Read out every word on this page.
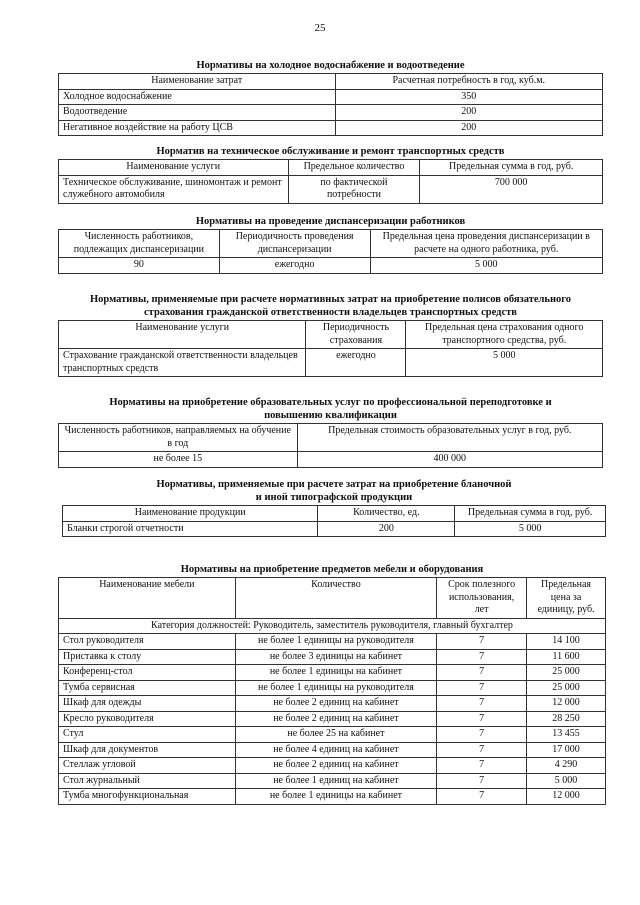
25
Нормативы на холодное водоснабжение и водоотведение
Наименование затрат	Расчетная потребность в год, куб.м.
Холодное водоснабжение	350
Водоотведение	200
Негативное воздействие на работу ЦСВ	200
Норматив на техническое обслуживание и ремонт транспортных средств
Наименование услуги	Предельное количество	Предельная сумма в год, руб.
Техническое обслуживание, шиномонтаж и ремонт служебного автомобиля	по фактической потребности	700 000
Нормативы на проведение диспансеризации работников
Численность работников, подлежащих диспансеризации	Периодичность проведения диспансеризации	Предельная цена проведения диспансеризации в расчете на одного работника, руб.
90	ежегодно	5 000
Нормативы, применяемые при расчете нормативных затрат на приобретение полисов обязательного
страхования гражданской ответственности владельцев транспортных средств
Наименование услуги	Периодичность страхования	Предельная цена страхования одного транспортного средства, руб.
Страхование гражданской ответственности владельцев транспортных средств	ежегодно	5 000
Нормативы на приобретение образовательных услуг по профессиональной переподготовке и
повышению квалификации
Численность работников, направляемых на обучение в год	Предельная стоимость образовательных услуг в год, руб.
не более 15	400 000
Нормативы, применяемые при расчете затрат на приобретение бланочной
и иной типографской продукции
Наименование продукции	Количество, ед.	Предельная сумма в год, руб.
Бланки строгой отчетности	200	5 000
Нормативы на приобретение предметов мебели и оборудования
Наименование мебели	Количество	Срок полезного использования, лет	Предельная цена за единицу, руб.
Категория должностей: Руководитель, заместитель руководителя, главный бухгалтер			
Стол руководителя	не более 1 единицы на руководителя	7	14 100
Приставка к столу	не более 3 единицы на кабинет	7	11 600
Конференц-стол	не более 1 единицы на кабинет	7	25 000
Тумба сервисная	не более 1 единицы на руководителя	7	25 000
Шкаф для одежды	не более 2 единиц на кабинет	7	12 000
Кресло руководителя	не более 2 единиц на кабинет	7	28 250
Стул	не более 25 на кабинет	7	13 455
Шкаф для документов	не более 4 единиц на кабинет	7	17 000
Стеллаж угловой	не более 2 единиц на кабинет	7	4 290
Стол журнальный	не более 1 единиц на кабинет	7	5 000
Тумба многофункциональная	не более 1 единицы на кабинет	7	12 000
